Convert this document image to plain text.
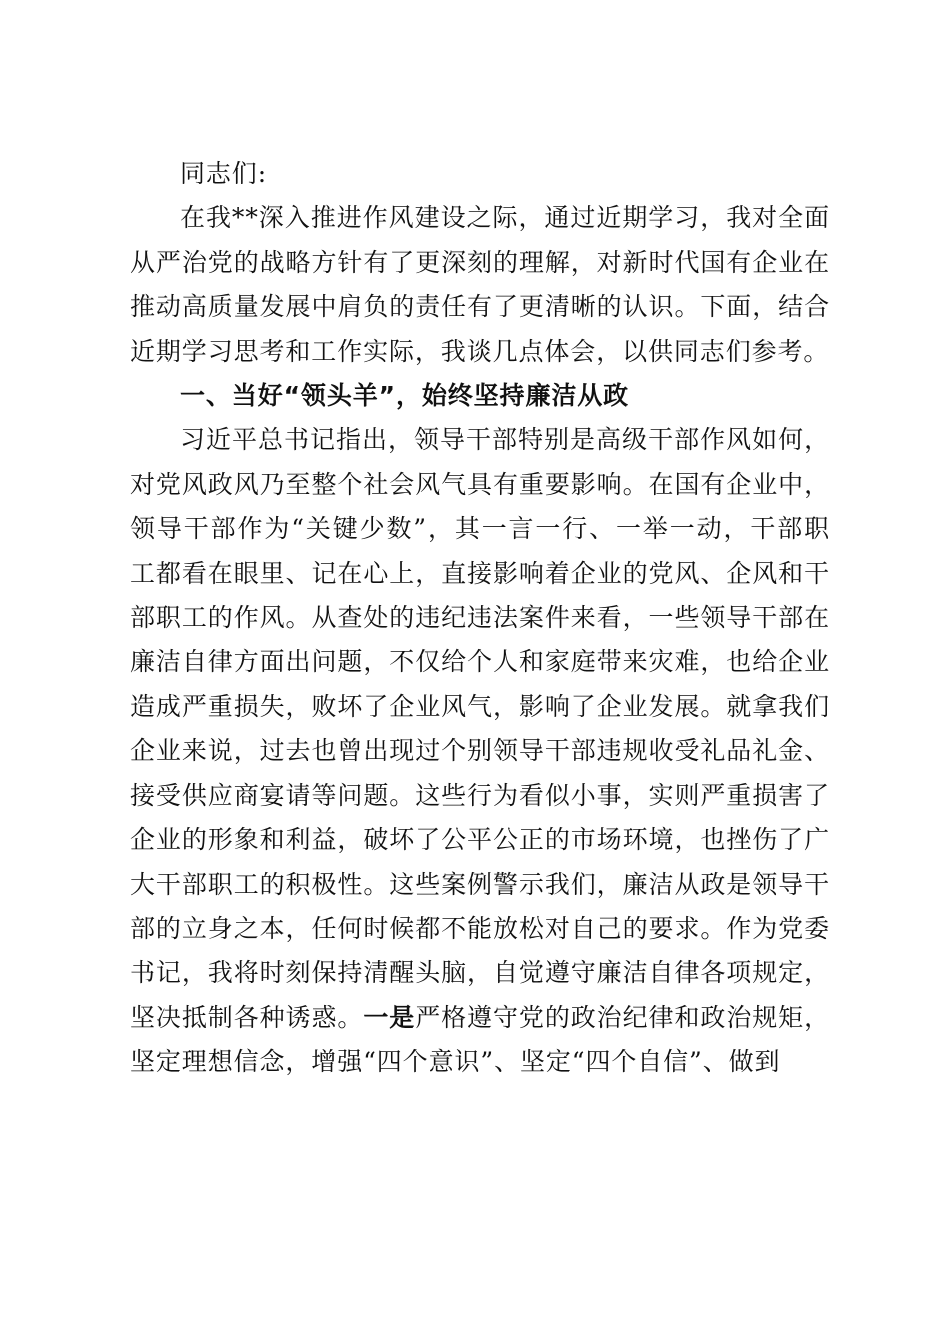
同志们:

在我**深入推进作风建设之际，通过近期学习，我对全面从严治党的战略方针有了更深刻的理解，对新时代国有企业在推动高质量发展中肩负的责任有了更清晰的认识。下面，结合近期学习思考和工作实际，我谈几点体会，以供同志们参考。

一、当好“领头羊”，始终坚持廉洁从政

习近平总书记指出，领导干部特别是高级干部作风如何，对党风政风乃至整个社会风气具有重要影响。在国有企业中，领导干部作为“关键少数”，其一言一行、一举一动，干部职工都看在眼里、记在心上，直接影响着企业的党风、企风和干部职工的作风。从查处的违纪违法案件来看，一些领导干部在廉洁自律方面出问题，不仅给个人和家庭带来灾难，也给企业造成严重损失，败坏了企业风气，影响了企业发展。就拿我们企业来说，过去也曾出现过个别领导干部违规收受礼品礼金、接受供应商宴请等问题。这些行为看似小事，实则严重损害了企业的形象和利益，破坏了公平公正的市场环境，也挫伤了广大干部职工的积极性。这些案例警示我们，廉洁从政是领导干部的立身之本，任何时候都不能放松对自己的要求。作为党委书记，我将时刻保持清醒头脑，自觉遵守廉洁自律各项规定，坚决抵制各种诱惑。一是严格遵守党的政治纪律和政治规矩，坚定理想信念，增强“四个意识”、坚定“四个自信”、做到
